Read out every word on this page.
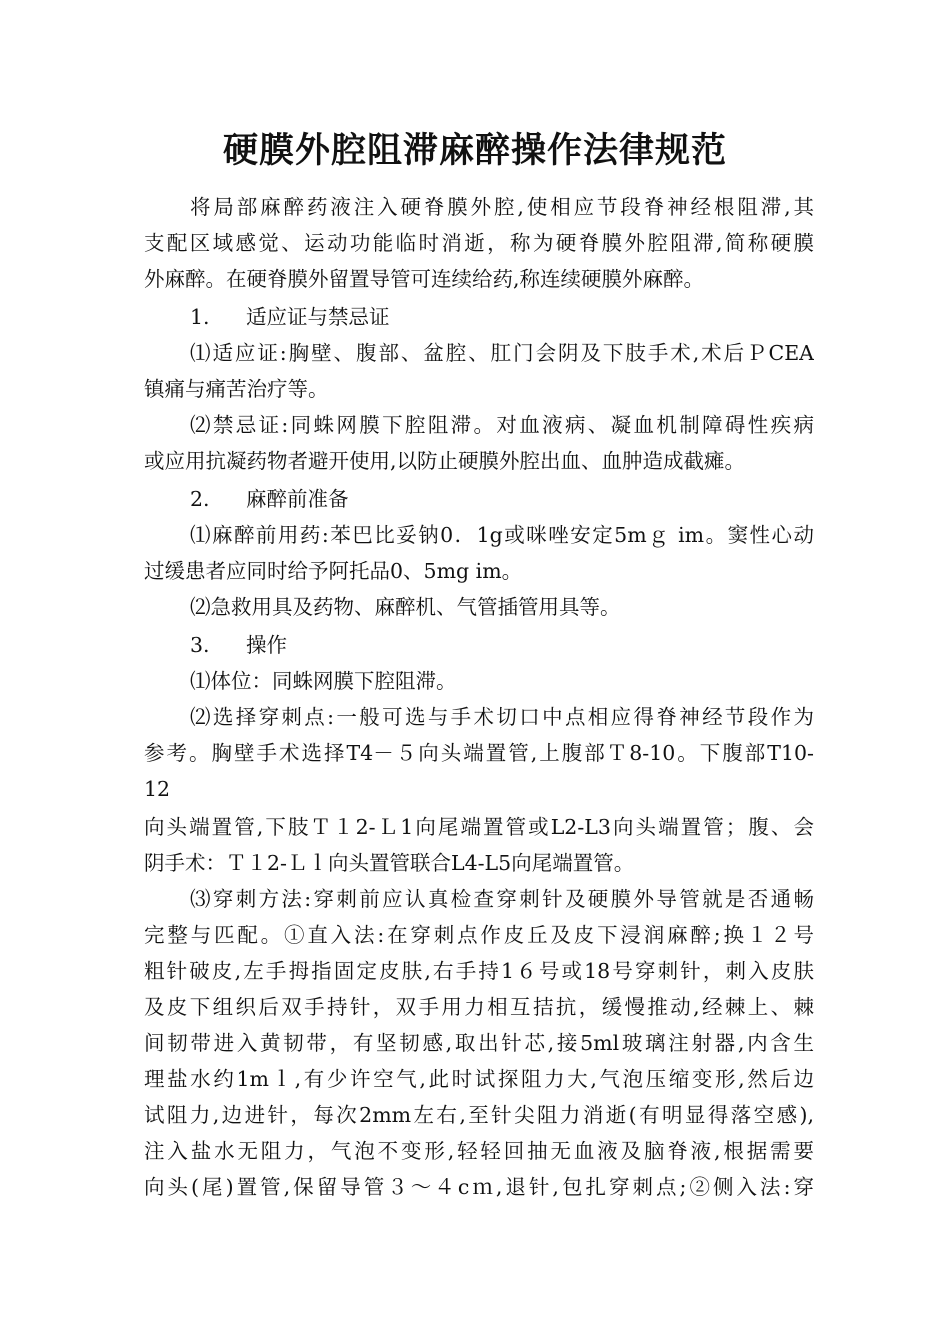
硬膜外腔阻滞麻醉操作法律规范
将局部麻醉药液注入硬脊膜外腔,使相应节段脊神经根阻滞,其
支配区域感觉、运动功能临时消逝，称为硬脊膜外腔阻滞,简称硬膜
外麻醉。在硬脊膜外留置导管可连续给药,称连续硬膜外麻醉。
1. 适应证与禁忌证
⑴适应证:胸壁、腹部、盆腔、肛门会阴及下肢手术,术后ＰCEA
镇痛与痛苦治疗等。
⑵禁忌证:同蛛网膜下腔阻滞。对血液病、凝血机制障碍性疾病
或应用抗凝药物者避开使用,以防止硬膜外腔出血、血肿造成截瘫。
2. 麻醉前准备
⑴麻醉前用药:苯巴比妥钠0．1g或咪唑安定5mｇ im。窦性心动
过缓患者应同时给予阿托品0、5mg im。
⑵急救用具及药物、麻醉机、气管插管用具等。
3. 操作
⑴体位：同蛛网膜下腔阻滞。
⑵选择穿刺点:一般可选与手术切口中点相应得脊神经节段作为
参考。胸壁手术选择T4－５向头端置管,上腹部Ｔ8-10。下腹部T10-
12
向头端置管,下肢Ｔ１2-Ｌ1向尾端置管或L2-L3向头端置管；腹、会
阴手术：Ｔ１2-Ｌｌ向头置管联合L4-L5向尾端置管。
⑶穿刺方法:穿刺前应认真检查穿刺针及硬膜外导管就是否通畅
完整与匹配。①直入法:在穿刺点作皮丘及皮下浸润麻醉;换１２号
粗针破皮,左手拇指固定皮肤,右手持1６号或18号穿刺针，刺入皮肤
及皮下组织后双手持针，双手用力相互拮抗，缓慢推动,经棘上、棘
间韧带进入黄韧带，有坚韧感,取出针芯,接5ml玻璃注射器,内含生
理盐水约1mｌ,有少许空气,此时试探阻力大,气泡压缩变形,然后边
试阻力,边进针，每次2mm左右,至针尖阻力消逝(有明显得落空感),
注入盐水无阻力，气泡不变形,轻轻回抽无血液及脑脊液,根据需要
向头(尾)置管,保留导管３～４cｍ,退针,包扎穿刺点;②侧入法:穿
